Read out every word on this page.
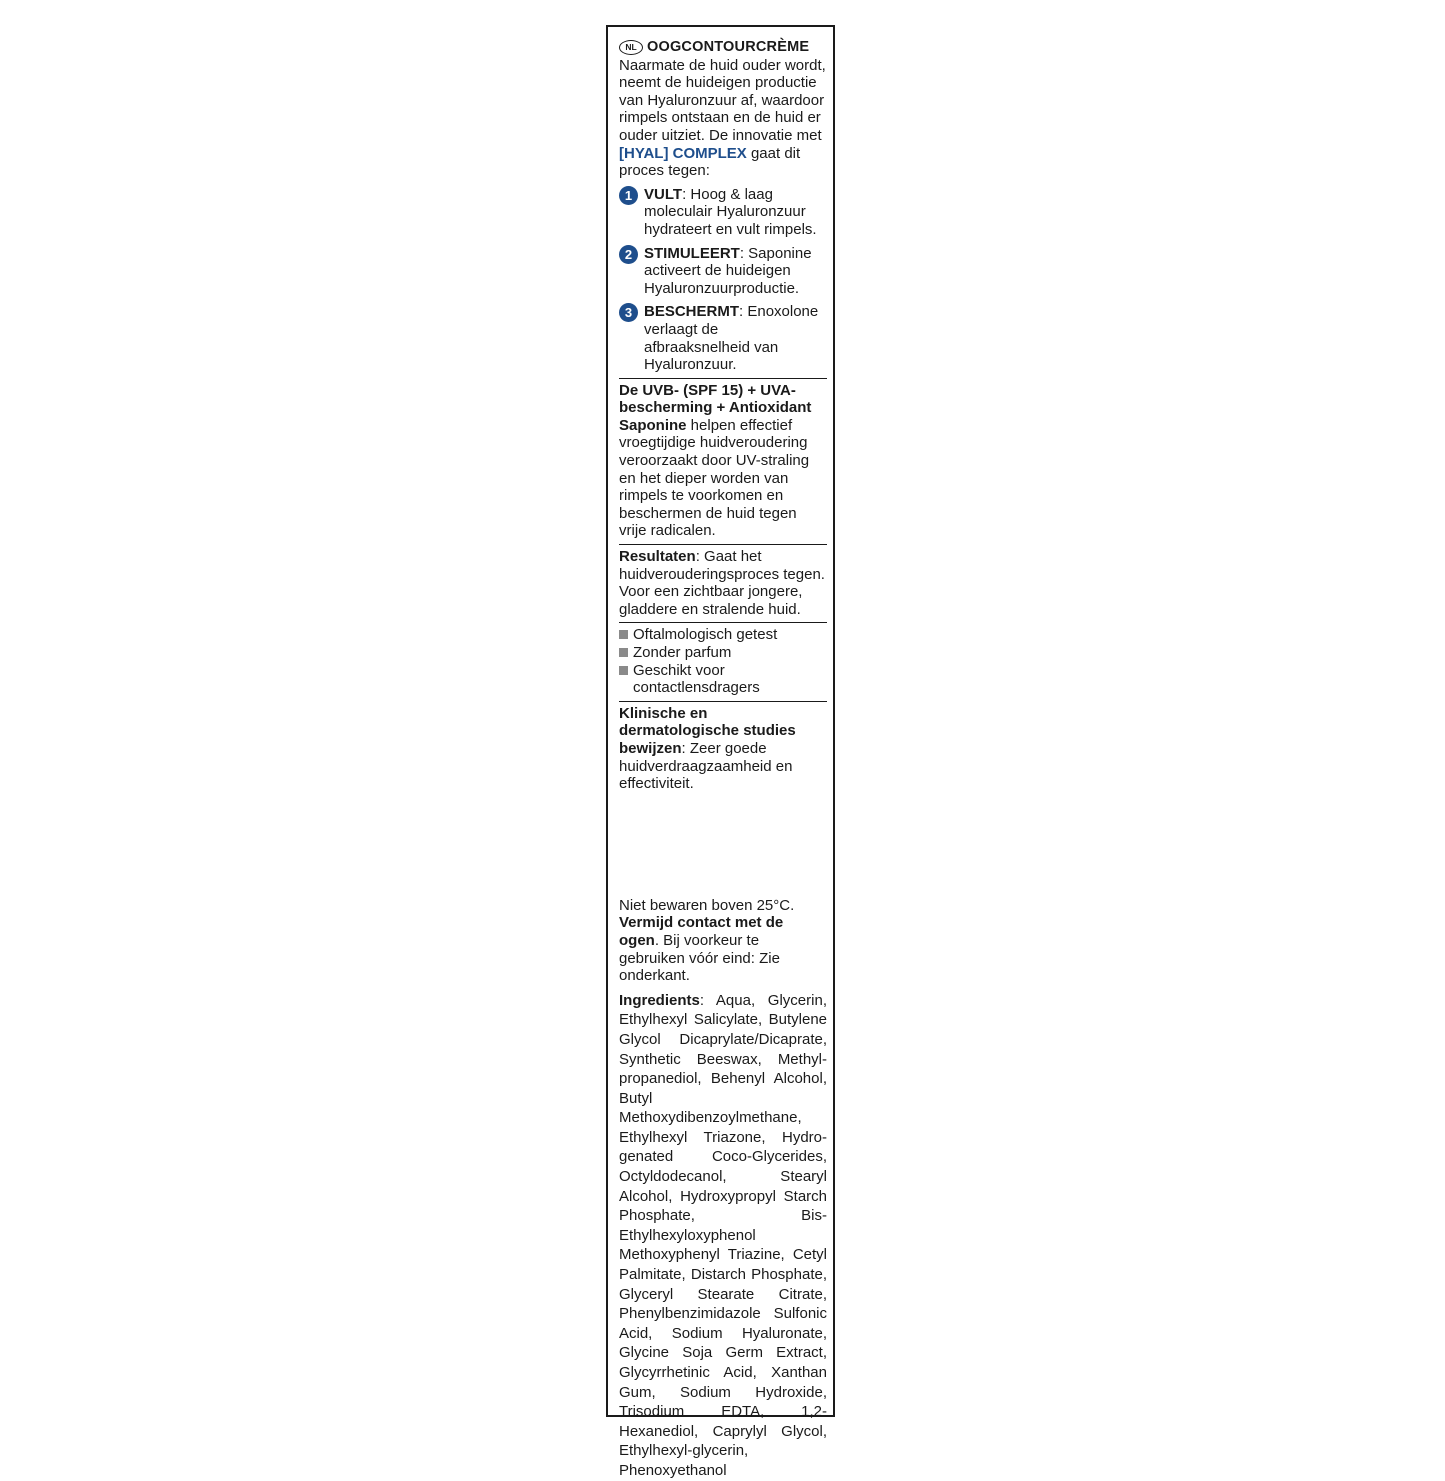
NL OOGCONTOURCRÈME

Naarmate de huid ouder wordt, neemt de huideigen productie van Hyaluronzuur af, waardoor rimpels ontstaan en de huid er ouder uitziet. De innovatie met [HYAL] COMPLEX gaat dit proces tegen:

1 VULT: Hoog & laag moleculair Hyaluronzuur hydrateert en vult rimpels.
2 STIMULEERT: Saponine activeert de huideigen Hyaluronzuurproductie.
3 BESCHERMT: Enoxolone verlaagt de afbraaksnelheid van Hyaluronzuur.

De UVB- (SPF 15) + UVA-bescherming + Antioxidant Saponine helpen effectief vroegtijdige huidveroudering veroorzaakt door UV-straling en het dieper worden van rimpels te voorkomen en beschermen de huid tegen vrije radicalen.

Resultaten: Gaat het huidverouderingsproces tegen. Voor een zichtbaar jongere, gladdere en stralende huid.

Oftalmologisch getest
Zonder parfum
Geschikt voor contactlensdragers

Klinische en dermatologische studies bewijzen: Zeer goede huidverdraagzaamheid en effectiviteit.

Niet bewaren boven 25°C. Vermijd contact met de ogen. Bij voorkeur te gebruiken vóór eind: Zie onderkant.

Ingredients: Aqua, Glycerin, Ethylhexyl Salicylate, Butylene Glycol Dicaprylate/Dicaprate, Synthetic Beeswax, Methyl-propanediol, Behenyl Alcohol, Butyl Methoxydibenzoylmethane, Ethylhexyl Triazone, Hydro-genated Coco-Glycerides, Octyldodecanol, Stearyl Alcohol, Hydroxypropyl Starch Phosphate, Bis-Ethylhexyloxyphenol Methoxyphenyl Triazine, Cetyl Palmitate, Distarch Phosphate, Glyceryl Stearate Citrate, Phenylbenzimidazole Sulfonic Acid, Sodium Hyaluronate, Glycine Soja Germ Extract, Glycyrrhetinic Acid, Xanthan Gum, Sodium Hydroxide, Trisodium EDTA, 1,2-Hexanediol, Caprylyl Glycol, Ethylhexyl-glycerin, Phenoxyethanol
